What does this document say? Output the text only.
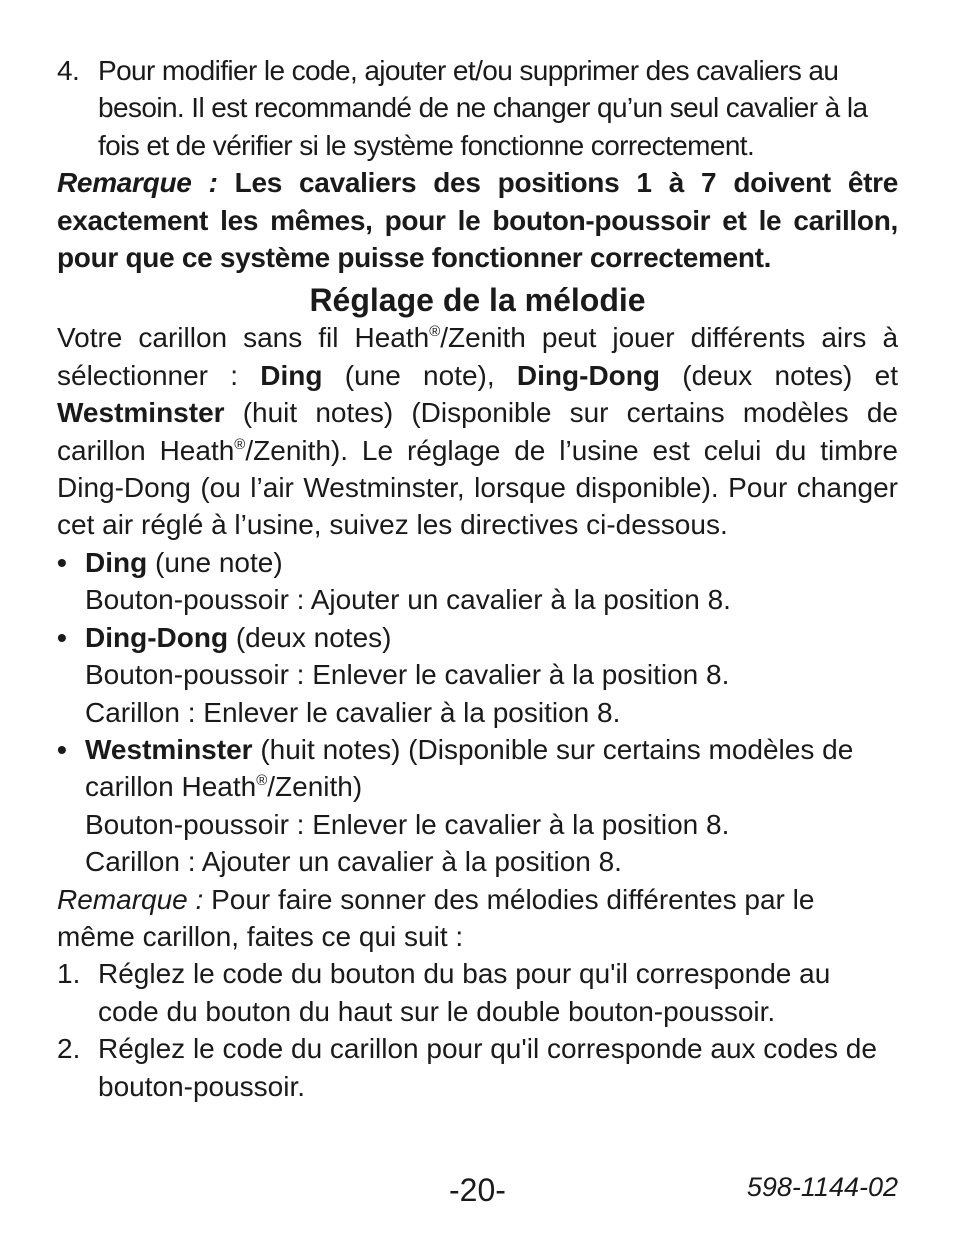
4. Pour modifier le code, ajouter et/ou supprimer des cavaliers au besoin. Il est recommandé de ne changer qu’un seul cavalier à la fois et de vérifier si le système fonctionne correctement.

Remarque : Les cavaliers des positions 1 à 7 doivent être exactement les mêmes, pour le bouton-poussoir et le carillon, pour que ce système puisse fonctionner correctement.

Réglage de la mélodie

Votre carillon sans fil Heath®/Zenith peut jouer différents airs à sélectionner : Ding (une note), Ding-Dong (deux notes) et Westminster (huit notes) (Disponible sur certains modèles de carillon Heath®/Zenith). Le réglage de l’usine est celui du timbre Ding-Dong (ou l’air Westminster, lorsque disponible). Pour changer cet air réglé à l’usine, suivez les directives ci-dessous.

• Ding (une note)
Bouton-poussoir : Ajouter un cavalier à la position 8.
• Ding-Dong (deux notes)
Bouton-poussoir : Enlever le cavalier à la position 8.
Carillon : Enlever le cavalier à la position 8.
• Westminster (huit notes) (Disponible sur certains modèles de carillon Heath®/Zenith)
Bouton-poussoir : Enlever le cavalier à la position 8.
Carillon : Ajouter un cavalier à la position 8.

Remarque : Pour faire sonner des mélodies différentes par le même carillon, faites ce qui suit :

1. Réglez le code du bouton du bas pour qu'il corresponde au code du bouton du haut sur le double bouton-poussoir.

2. Réglez le code du carillon pour qu'il corresponde aux codes de bouton-poussoir.

-20-	598-1144-02
